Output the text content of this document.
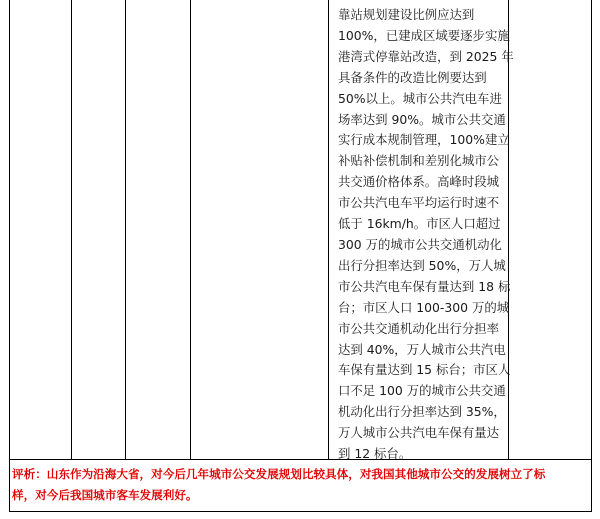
靠站规划建设比例应达到
100%，已建成区域要逐步实施
港湾式停靠站改造，到 2025 年
具备条件的改造比例要达到
50%以上。城市公共汽电车进
场率达到 90%。城市公共交通
实行成本规制管理，100%建立
补贴补偿机制和差别化城市公
共交通价格体系。高峰时段城
市公共汽电车平均运行时速不
低于 16km/h。市区人口超过
300 万的城市公共交通机动化
出行分担率达到 50%，万人城
市公共汽电车保有量达到 18 标
台；市区人口 100-300 万的城
市公共交通机动化出行分担率
达到 40%，万人城市公共汽电
车保有量达到 15 标台；市区人
口不足 100 万的城市公共交通
机动化出行分担率达到 35%，
万人城市公共汽电车保有量达
到 12 标台。
评析：山东作为沿海大省，对今后几年城市公交发展规划比较具体，对我国其他城市公交的发展树立了标
样，对今后我国城市客车发展利好。
